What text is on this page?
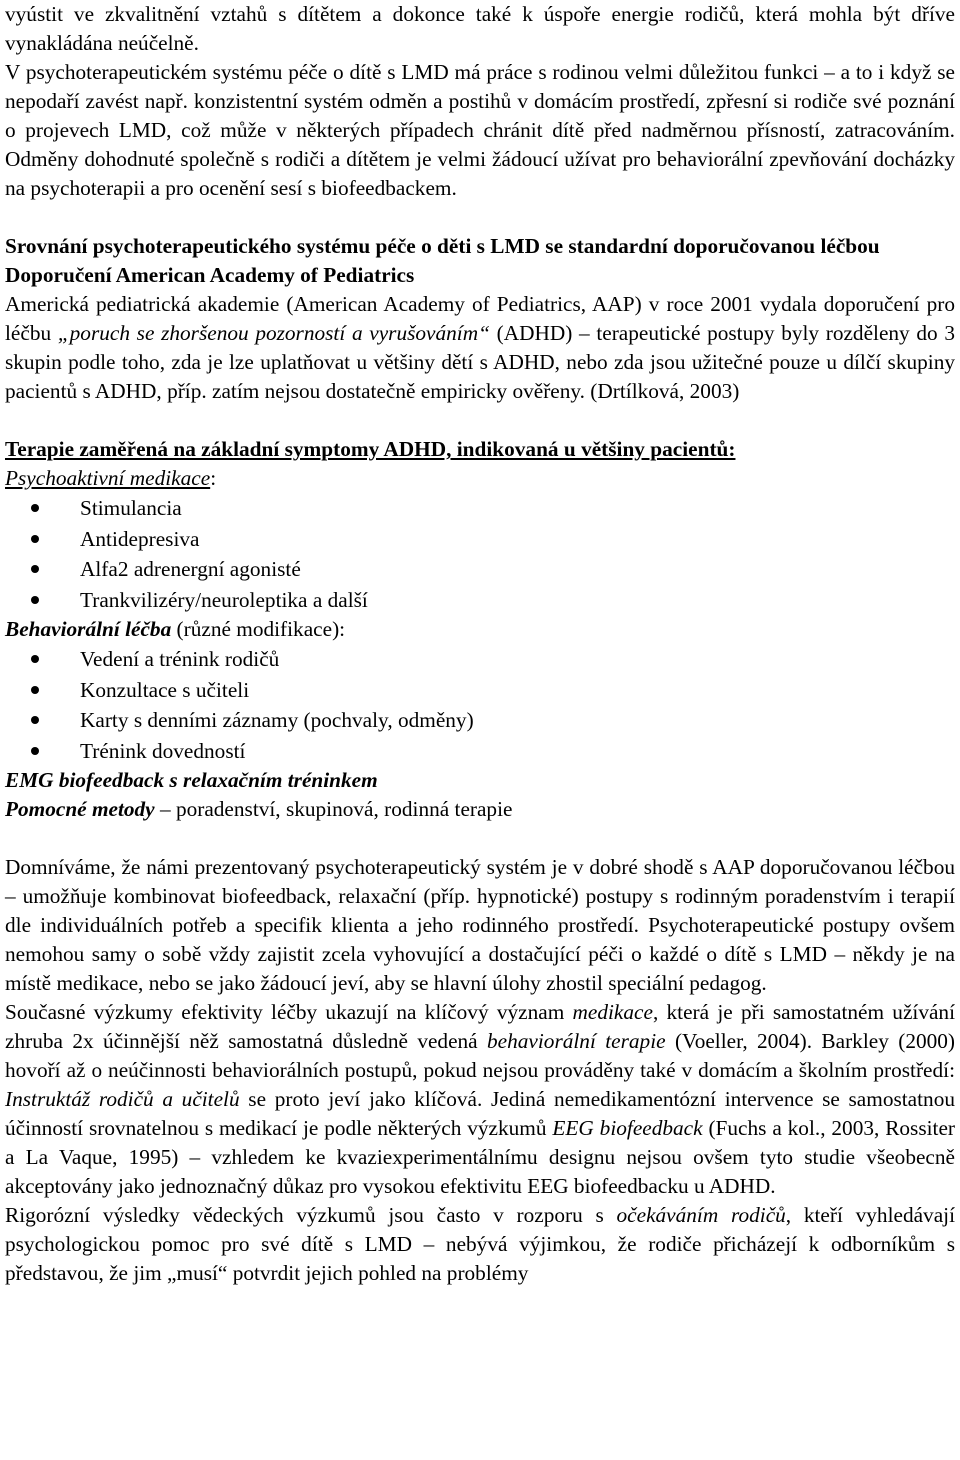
vyústit ve zkvalitnění vztahů s dítětem a dokonce také k úspoře energie rodičů, která mohla být dříve vynakládána neúčelně.

V psychoterapeutickém systému péče o dítě s LMD má práce s rodinou velmi důležitou funkci – a to i když se nepodaří zavést např. konzistentní systém odměn a postihů v domácím prostředí, zpřesní si rodiče své poznání o projevech LMD, což může v některých případech chránit dítě před nadměrnou přísností, zatracováním. Odměny dohodnuté společně s rodiči a dítětem je velmi žádoucí užívat pro behaviorální zpevňování docházky na psychoterapii a pro ocenění sesí s biofeedbackem.

Srovnání psychoterapeutického systému péče o děti s LMD se standardní doporučovanou léčbou

Doporučení American Academy of Pediatrics

Americká pediatrická akademie (American Academy of Pediatrics, AAP) v roce 2001 vydala doporučení pro léčbu „poruch se zhoršenou pozorností a vyrušováním“ (ADHD) – terapeutické postupy byly rozděleny do 3 skupin podle toho, zda je lze uplatňovat u většiny dětí s ADHD, nebo zda jsou užitečné pouze u dílčí skupiny pacientů s ADHD, příp. zatím nejsou dostatečně empiricky ověřeny. (Drtílková, 2003)

Terapie zaměřená na základní symptomy ADHD, indikovaná u většiny pacientů:

Psychoaktivní medikace:

Stimulancia
Antidepresiva
Alfa2 adrenergní agonisté
Trankvilizéry/neuroleptika a další

Behaviorální léčba (různé modifikace):

Vedení a trénink rodičů
Konzultace s učiteli
Karty s denními záznamy (pochvaly, odměny)
Trénink dovedností

EMG biofeedback s relaxačním tréninkem

Pomocné metody – poradenství, skupinová, rodinná terapie

Domníváme, že námi prezentovaný psychoterapeutický systém je v dobré shodě s AAP doporučovanou léčbou – umožňuje kombinovat biofeedback, relaxační (příp. hypnotické) postupy s rodinným poradenstvím i terapií dle individuálních potřeb a specifik klienta a jeho rodinného prostředí. Psychoterapeutické postupy ovšem nemohou samy o sobě vždy zajistit zcela vyhovující a dostačující péči o každé o dítě s LMD – někdy je na místě medikace, nebo se jako žádoucí jeví, aby se hlavní úlohy zhostil speciální pedagog.

Současné výzkumy efektivity léčby ukazují na klíčový význam medikace, která je při samostatném užívání zhruba 2x účinnější něž samostatná důsledně vedená behaviorální terapie (Voeller, 2004). Barkley (2000) hovoří až o neúčinnosti behaviorálních postupů, pokud nejsou prováděny také v domácím a školním prostředí: Instruktáž rodičů a učitelů se proto jeví jako klíčová. Jediná nemedikamentózní intervence se samostatnou účinností srovnatelnou s medikací je podle některých výzkumů EEG biofeedback (Fuchs a kol., 2003, Rossiter a La Vaque, 1995) – vzhledem ke kvaziexperimentálnímu designu nejsou ovšem tyto studie všeobecně akceptovány jako jednoznačný důkaz pro vysokou efektivitu EEG biofeedbacku u ADHD.

Rigorózní výsledky vědeckých výzkumů jsou často v rozporu s očekáváním rodičů, kteří vyhledávají psychologickou pomoc pro své dítě s LMD – nebývá výjimkou, že rodiče přicházejí k odborníkům s představou, že jim „musí“ potvrdit jejich pohled na problémy
